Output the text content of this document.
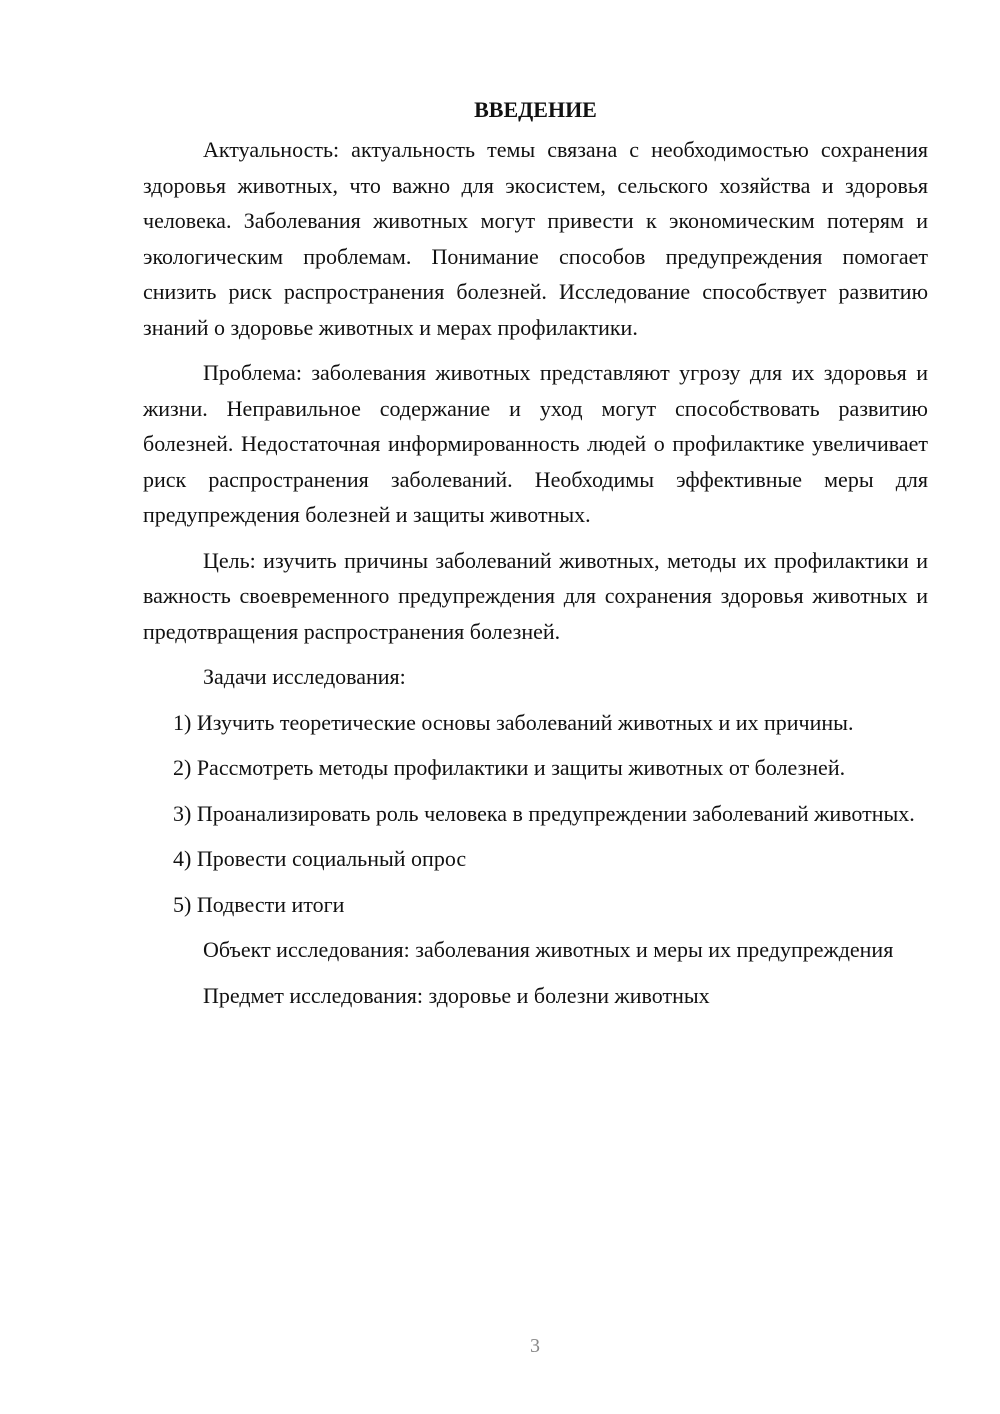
ВВЕДЕНИЕ

Актуальность: актуальность темы связана с необходимостью сохранения здоровья животных, что важно для экосистем, сельского хозяйства и здоровья человека. Заболевания животных могут привести к экономическим потерям и экологическим проблемам. Понимание способов предупреждения помогает снизить риск распространения болезней. Исследование способствует развитию знаний о здоровье животных и мерах профилактики.

Проблема: заболевания животных представляют угрозу для их здоровья и жизни. Неправильное содержание и уход могут способствовать развитию болезней. Недостаточная информированность людей о профилактике увеличивает риск распространения заболеваний. Необходимы эффективные меры для предупреждения болезней и защиты животных.

Цель: изучить причины заболеваний животных, методы их профилактики и важность своевременного предупреждения для сохранения здоровья животных и предотвращения распространения болезней.

Задачи исследования:

1) Изучить теоретические основы заболеваний животных и их причины.

2) Рассмотреть методы профилактики и защиты животных от болезней.

3) Проанализировать роль человека в предупреждении заболеваний животных.

4) Провести социальный опрос

5) Подвести итоги

Объект исследования: заболевания животных и меры их предупреждения

Предмет исследования: здоровье и болезни животных

3
